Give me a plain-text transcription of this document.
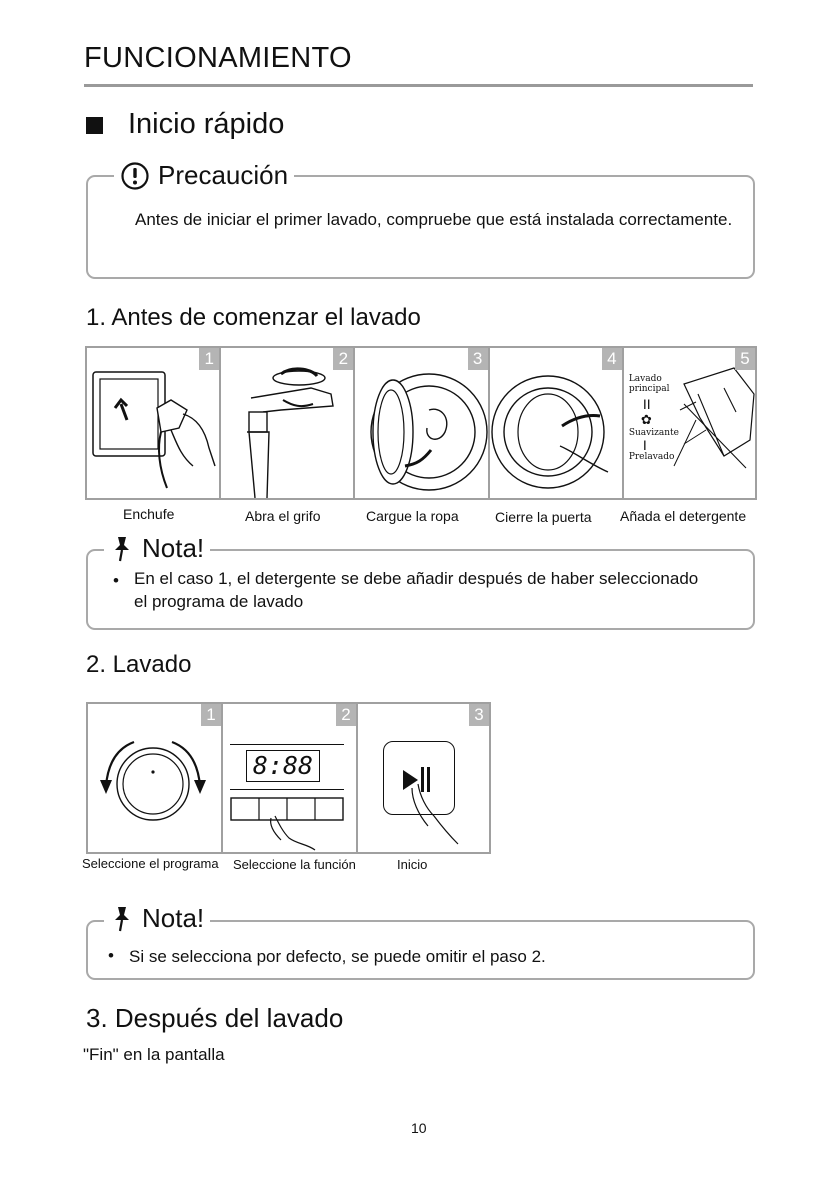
FUNCIONAMIENTO
Inicio rápido
Precaución
Antes de iniciar el primer lavado, compruebe que está instalada correctamente.
1. Antes de comenzar el lavado
1	2	3	4	5
Lavado
principal
II
✿
Suavizante
I
Prelavado
Enchufe	Abra el grifo	Cargue la ropa	Cierre la puerta Añada el detergente
Nota!
• En el caso 1, el detergente se debe añadir después de haber seleccionado el programa de lavado
2. Lavado
1	2
8:88
3
Seleccione el programa Seleccione la función	Inicio
Nota!
• Si se selecciona por defecto, se puede omitir el paso 2.
3. Después del lavado
"Fin" en la pantalla
10
